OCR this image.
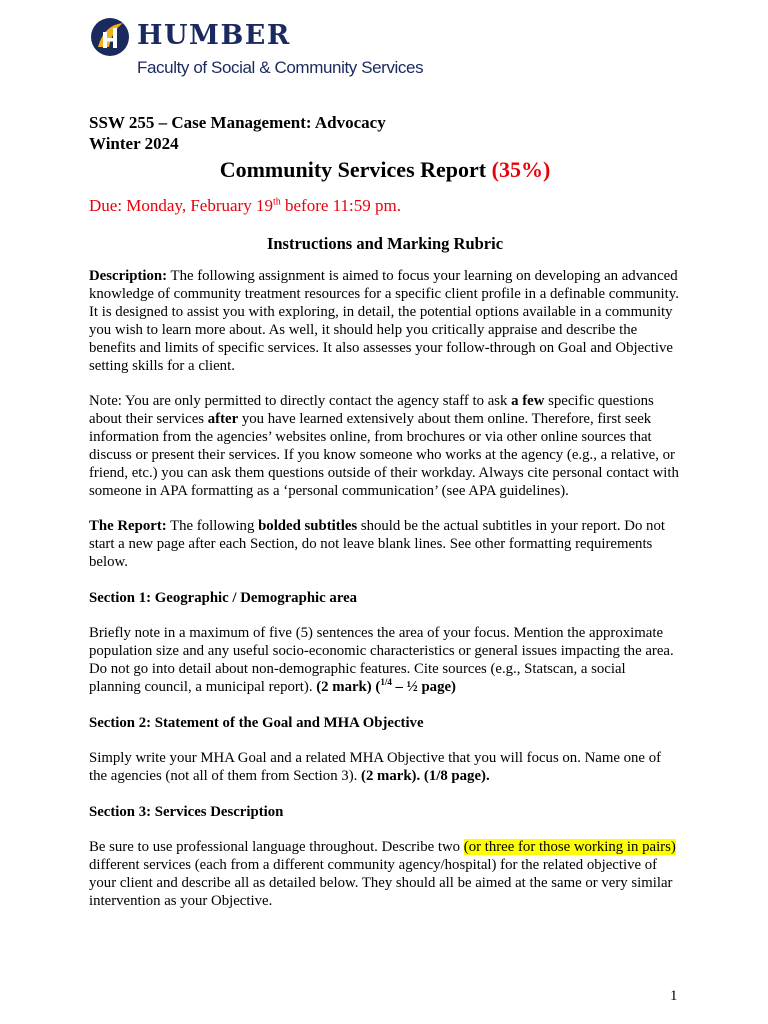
HUMBER
Faculty of Social & Community Services

SSW 255 – Case Management: Advocacy

Winter 2024

Community Services Report (35%)

Due: Monday, February 19th before 11:59 pm.

Instructions and Marking Rubric

Description: The following assignment is aimed to focus your learning on developing an advanced knowledge of community treatment resources for a specific client profile in a definable community. It is designed to assist you with exploring, in detail, the potential options available in a community you wish to learn more about. As well, it should help you critically appraise and describe the benefits and limits of specific services. It also assesses your follow-through on Goal and Objective setting skills for a client.

Note: You are only permitted to directly contact the agency staff to ask a few specific questions about their services after you have learned extensively about them online. Therefore, first seek information from the agencies’ websites online, from brochures or via other online sources that discuss or present their services. If you know someone who works at the agency (e.g., a relative, or friend, etc.) you can ask them questions outside of their workday. Always cite personal contact with someone in APA formatting as a ‘personal communication’ (see APA guidelines).

The Report: The following bolded subtitles should be the actual subtitles in your report. Do not start a new page after each Section, do not leave blank lines. See other formatting requirements below.

Section 1: Geographic / Demographic area

Briefly note in a maximum of five (5) sentences the area of your focus. Mention the approximate population size and any useful socio-economic characteristics or general issues impacting the area. Do not go into detail about non-demographic features. Cite sources (e.g., Statscan, a social planning council, a municipal report). (2 mark) ($^{1/4}$ – ½ page)

Section 2: Statement of the Goal and MHA Objective

Simply write your MHA Goal and a related MHA Objective that you will focus on. Name one of the agencies (not all of them from Section 3). (2 mark). (1/8 page).

Section 3: Services Description

Be sure to use professional language throughout. Describe two (or three for those working in pairs) different services (each from a different community agency/hospital) for the related objective of your client and describe all as detailed below. They should all be aimed at the same or very similar intervention as your Objective.

1
